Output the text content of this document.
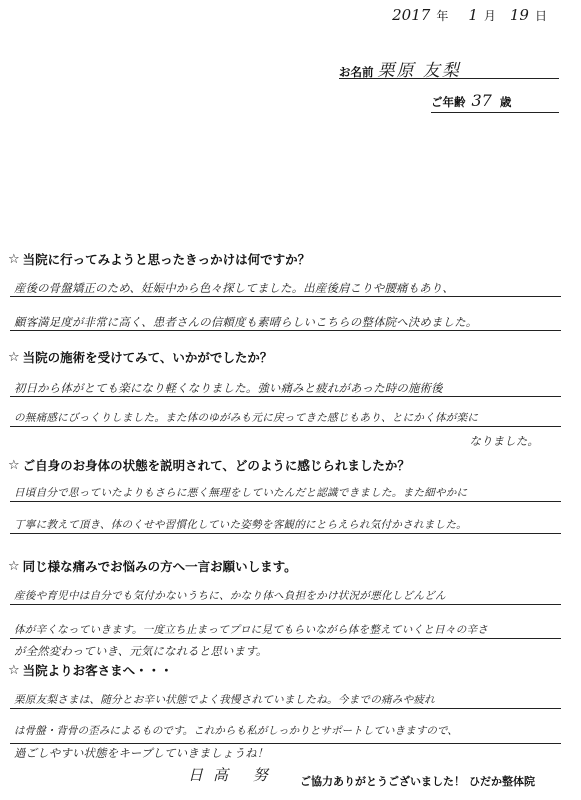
2017 年 1 月 19 日
お名前 栗原 友梨
ご年齢 37 歳
☆ 当院に行ってみようと思ったきっかけは何ですか？
産後の骨盤矯正のため、妊娠中から色々探してました。出産後肩こりや腰痛もあり、
顧客満足度が非常に高く、患者さんの信頼度も素晴らしいこちらの整体院へ決めました。
☆ 当院の施術を受けてみて、いかがでしたか？
初日から体がとても楽になり軽くなりました。強い痛みと疲れがあった時の施術後
の無痛感にびっくりしました。また体のゆがみも元に戻ってきた感じもあり、とにかく体が楽に
なりました。
☆ ご自身のお身体の状態を説明されて、どのように感じられましたか？
日頃自分で思っていたよりもさらに悪く無理をしていたんだと認識できました。また細やかに
丁寧に教えて頂き、体のくせや習慣化していた姿勢を客観的にとらえられ気付かされました。
☆ 同じ様な痛みでお悩みの方へ一言お願いします。
産後や育児中は自分でも気付かないうちに、かなり体へ負担をかけ状況が悪化しどんどん
体が辛くなっていきます。一度立ち止まってプロに見てもらいながら体を整えていくと日々の辛さ
が全然変わっていき、元気になれると思います。
☆ 当院よりお客さまへ・・・
栗原友梨さまは、随分とお辛い状態でよく我慢されていましたね。今までの痛みや疲れ
は骨盤・背骨の歪みによるものです。これからも私がしっかりとサポートしていきますので、
過ごしやすい状態をキープしていきましょうね！
日高 努 ご協力ありがとうございました！ ひだか整体院
